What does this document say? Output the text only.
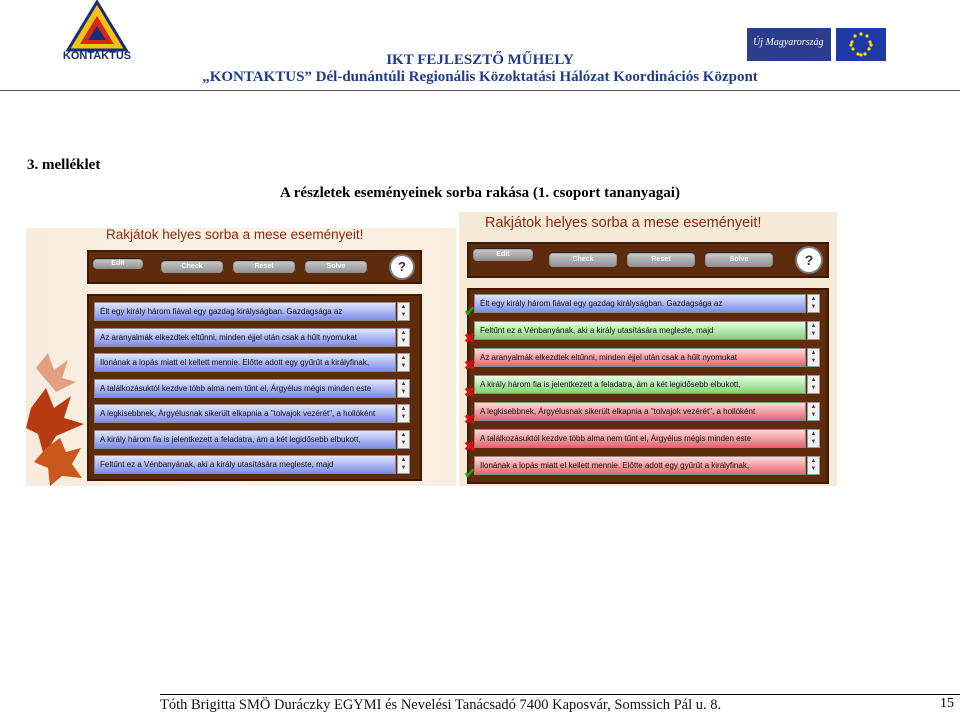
KONTAKTUS	IKT FEJLESZTŐ MŰHELY
„KONTAKTUS” Dél-dunántúli Regionális Közoktatási Hálózat Koordinációs Központ
Új Magyarország
3. melléklet
A részletek eseményeinek sorba rakása (1. csoport tananyagai)
Rakjátok helyes sorba a mese eseményeit!
Edit	Check	Reset	Solve	?
Élt egy király három fiával egy gazdag királyságban. Gazdagsága az	▲
▼
Az aranyalmák elkezdtek eltűnni, minden éjjel után csak a hűlt nyomukat	▲
▼
Ilonának a lopás miatt el kellett mennie. Előtte adott egy gyűrűt a királyfinak,	▲
▼
A találkozásuktól kezdve több alma nem tűnt el, Árgyélus mégis minden este	▲
▼
A legkisebbnek, Árgyélusnak sikerült elkapnia a "tolvajok vezérét", a hollóként	▲
▼
A király három fia is jelentkezett a feladatra, ám a két legidősebb elbukott,	▲
▼
Feltűnt ez a Vénbanyának, aki a király utasítására megleste, majd	▲
▼
Rakjátok helyes sorba a mese eseményeit!
Edit
Check	Reset	Solve	?
Élt egy király három fiával egy gazdag királyságban. Gazdagsága az	▲
▼
✔
Feltűnt ez a Vénbanyának, aki a király utasítására megleste, majd	▲
▼
✖
Az aranyalmák elkezdtek eltűnni, minden éjjel után csak a hűlt nyomukat	▲
▼
✖
A király három fia is jelentkezett a feladatra, ám a két legidősebb elbukott,	▲
▼
✖
A legkisebbnek, Árgyélusnak sikerült elkapnia a "tolvajok vezérét", a hollóként	▲
▼
✖
A találkozásuktól kezdve több alma nem tűnt el, Árgyélus mégis minden este	▲
▼
✖
Ilonának a lopás miatt el kellett mennie. Előtte adott egy gyűrűt a királyfinak,	▲
▼
✔
Tóth Brigitta SMÖ Duráczky EGYMI és Nevelési Tanácsadó 7400 Kaposvár, Somssich Pál u. 8.	15
